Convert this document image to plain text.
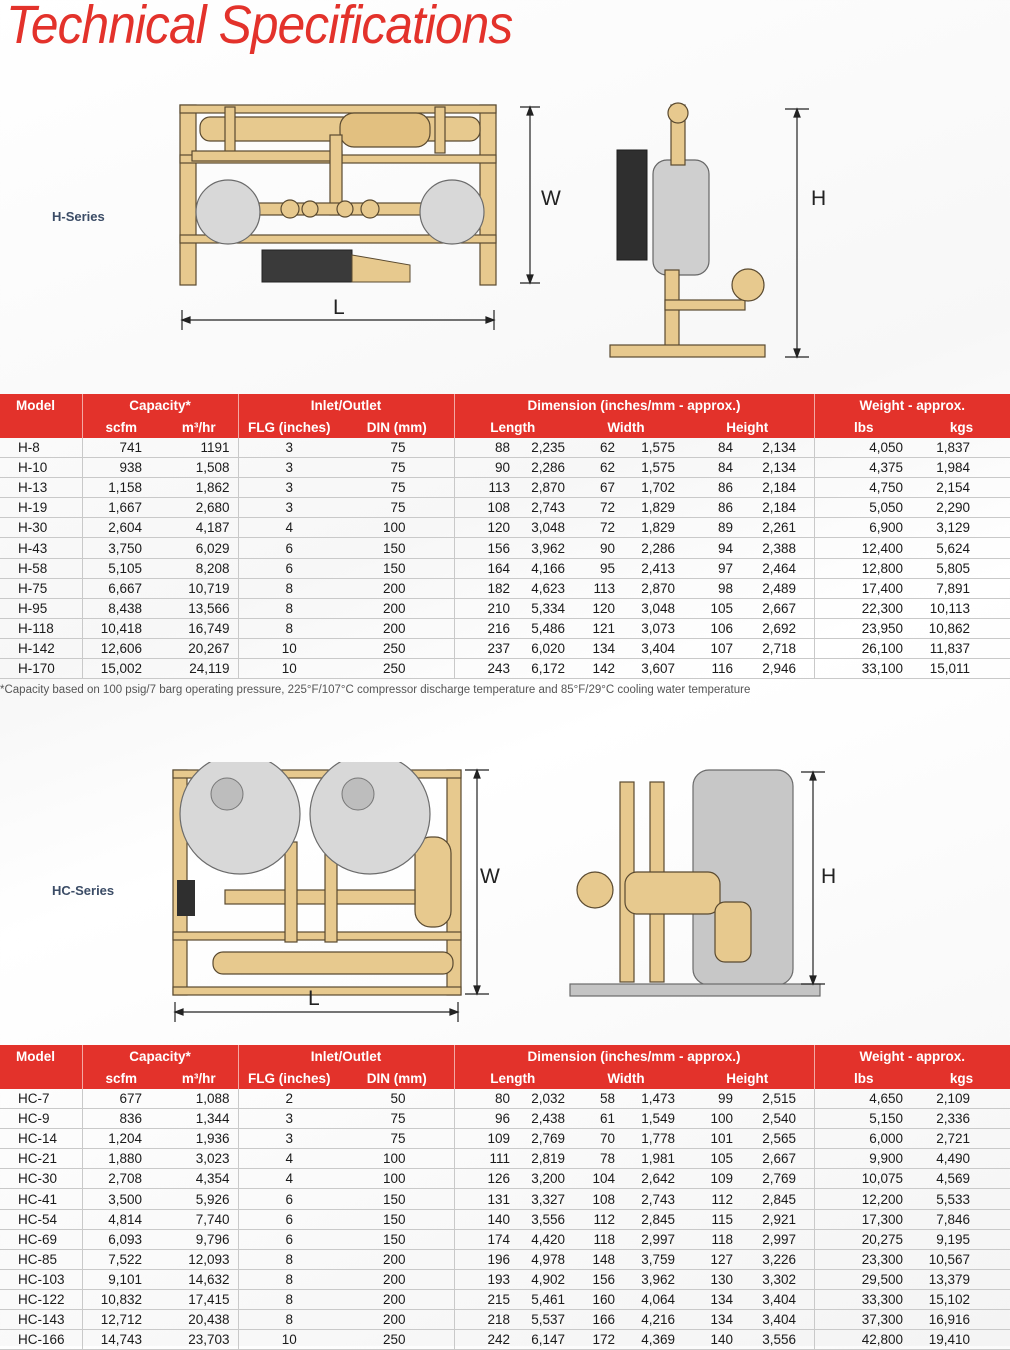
Technical Specifications
H-Series
W
L
H
Model	Capacity*		Inlet/Outlet		Dimension (inches/mm - approx.)							Weight - approx.		
	scfm	m³/hr	FLG (inches)	DIN (mm)	Length		Width		Height			lbs	kgs	
H-8	741	1191	3	75	88	2,235	62	1,575	84	2,134		4,050	1,837	
H-10	938	1,508	3	75	90	2,286	62	1,575	84	2,134		4,375	1,984	
H-13	1,158	1,862	3	75	113	2,870	67	1,702	86	2,184		4,750	2,154	
H-19	1,667	2,680	3	75	108	2,743	72	1,829	86	2,184		5,050	2,290	
H-30	2,604	4,187	4	100	120	3,048	72	1,829	89	2,261		6,900	3,129	
H-43	3,750	6,029	6	150	156	3,962	90	2,286	94	2,388		12,400	5,624	
H-58	5,105	8,208	6	150	164	4,166	95	2,413	97	2,464		12,800	5,805	
H-75	6,667	10,719	8	200	182	4,623	113	2,870	98	2,489		17,400	7,891	
H-95	8,438	13,566	8	200	210	5,334	120	3,048	105	2,667		22,300	10,113	
H-118	10,418	16,749	8	200	216	5,486	121	3,073	106	2,692		23,950	10,862	
H-142	12,606	20,267	10	250	237	6,020	134	3,404	107	2,718		26,100	11,837	
H-170	15,002	24,119	10	250	243	6,172	142	3,607	116	2,946		33,100	15,011	
*Capacity based on 100 psig/7 barg operating pressure, 225°F/107°C compressor discharge temperature and 85°F/29°C cooling water temperature
HC-Series
W
L
H
Model	Capacity*		Inlet/Outlet		Dimension (inches/mm - approx.)							Weight - approx.		
	scfm	m³/hr	FLG (inches)	DIN (mm)	Length		Width		Height			lbs	kgs	
HC-7	677	1,088	2	50	80	2,032	58	1,473	99	2,515		4,650	2,109	
HC-9	836	1,344	3	75	96	2,438	61	1,549	100	2,540		5,150	2,336	
HC-14	1,204	1,936	3	75	109	2,769	70	1,778	101	2,565		6,000	2,721	
HC-21	1,880	3,023	4	100	111	2,819	78	1,981	105	2,667		9,900	4,490	
HC-30	2,708	4,354	4	100	126	3,200	104	2,642	109	2,769		10,075	4,569	
HC-41	3,500	5,926	6	150	131	3,327	108	2,743	112	2,845		12,200	5,533	
HC-54	4,814	7,740	6	150	140	3,556	112	2,845	115	2,921		17,300	7,846	
HC-69	6,093	9,796	6	150	174	4,420	118	2,997	118	2,997		20,275	9,195	
HC-85	7,522	12,093	8	200	196	4,978	148	3,759	127	3,226		23,300	10,567	
HC-103	9,101	14,632	8	200	193	4,902	156	3,962	130	3,302		29,500	13,379	
HC-122	10,832	17,415	8	200	215	5,461	160	4,064	134	3,404		33,300	15,102	
HC-143	12,712	20,438	8	200	218	5,537	166	4,216	134	3,404		37,300	16,916	
HC-166	14,743	23,703	10	250	242	6,147	172	4,369	140	3,556		42,800	19,410	
